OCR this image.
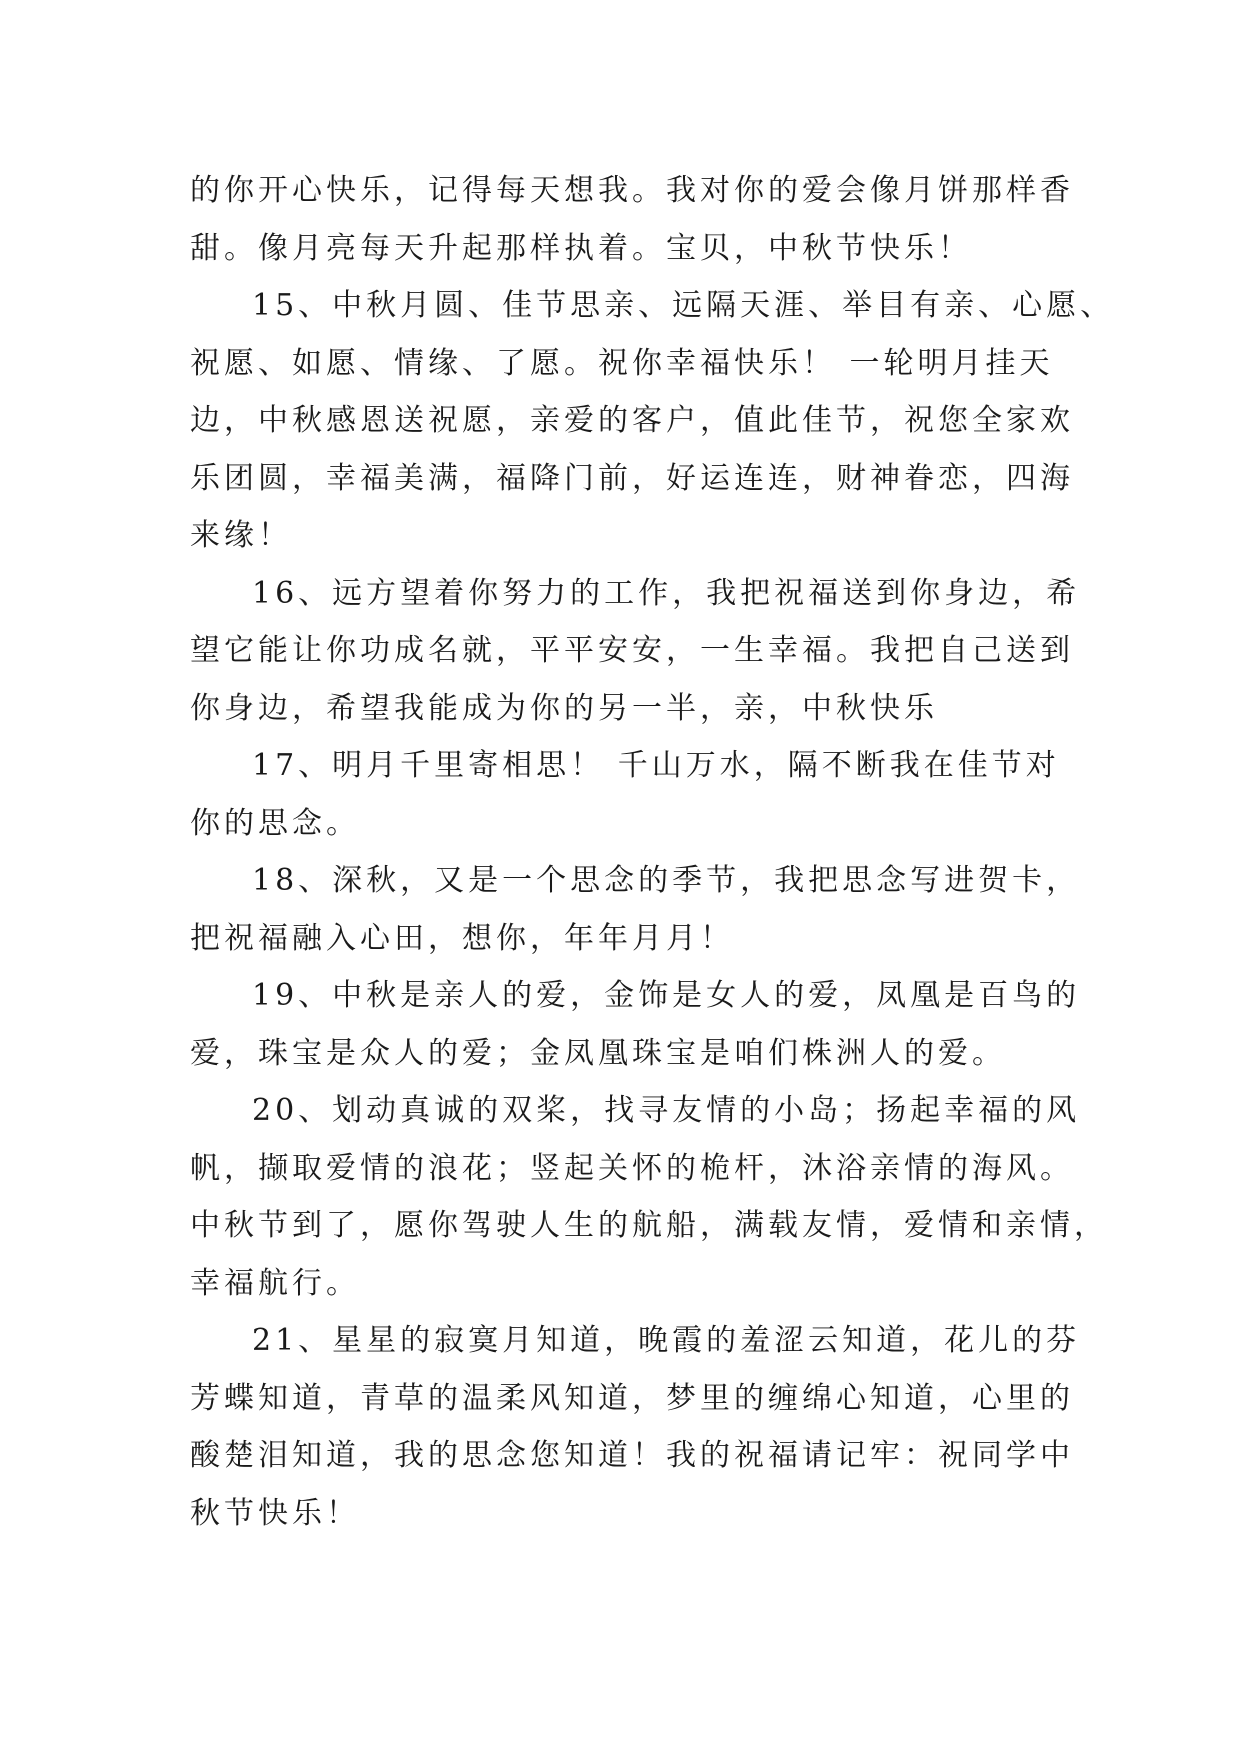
的你开心快乐，记得每天想我。我对你的爱会像月饼那样香
甜。像月亮每天升起那样执着。宝贝，中秋节快乐！
15、中秋月圆、佳节思亲、远隔天涯、举目有亲、心愿、
祝愿、如愿、情缘、了愿。祝你幸福快乐！ 一轮明月挂天
边，中秋感恩送祝愿，亲爱的客户，值此佳节，祝您全家欢
乐团圆，幸福美满，福降门前，好运连连，财神眷恋，四海
来缘！
16、远方望着你努力的工作，我把祝福送到你身边，希
望它能让你功成名就，平平安安，一生幸福。我把自己送到
你身边，希望我能成为你的另一半，亲，中秋快乐
17、明月千里寄相思！ 千山万水，隔不断我在佳节对
你的思念。
18、深秋，又是一个思念的季节，我把思念写进贺卡，
把祝福融入心田，想你，年年月月！
19、中秋是亲人的爱，金饰是女人的爱，凤凰是百鸟的
爱，珠宝是众人的爱；金凤凰珠宝是咱们株洲人的爱。
20、划动真诚的双桨，找寻友情的小岛；扬起幸福的风
帆，撷取爱情的浪花；竖起关怀的桅杆，沐浴亲情的海风。
中秋节到了，愿你驾驶人生的航船，满载友情，爱情和亲情，
幸福航行。
21、星星的寂寞月知道，晚霞的羞涩云知道，花儿的芬
芳蝶知道，青草的温柔风知道，梦里的缠绵心知道，心里的
酸楚泪知道，我的思念您知道！我的祝福请记牢：祝同学中
秋节快乐！
